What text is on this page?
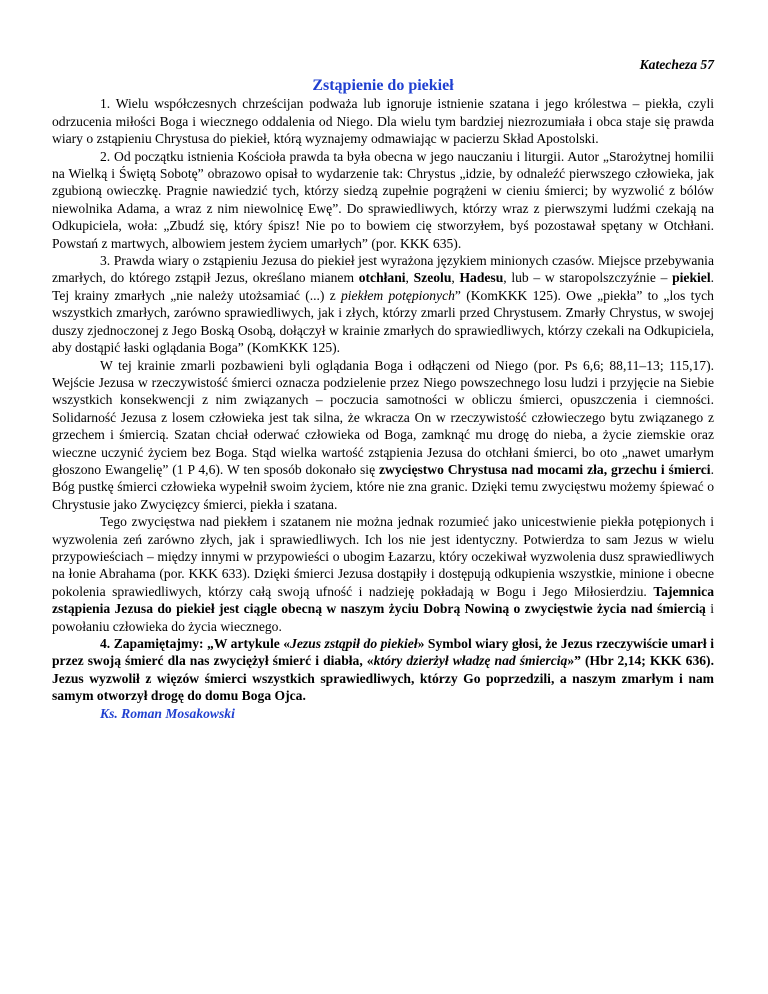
Katecheza 57
Zstąpienie do piekieł

1. Wielu współczesnych chrześcijan podważa lub ignoruje istnienie szatana i jego królestwa – piekła, czyli odrzucenia miłości Boga i wiecznego oddalenia od Niego. Dla wielu tym bardziej niezrozumiała i obca staje się prawda wiary o zstąpieniu Chrystusa do piekieł, którą wyznajemy odmawiając w pacierzu Skład Apostolski.

2. Od początku istnienia Kościoła prawda ta była obecna w jego nauczaniu i liturgii. Autor „Starożytnej homilii na Wielką i Świętą Sobotę” obrazowo opisał to wydarzenie tak: Chrystus „idzie, by odnaleźć pierwszego człowieka, jak zgubioną owieczkę. Pragnie nawiedzić tych, którzy siedzą zupełnie pogrążeni w cieniu śmierci; by wyzwolić z bólów niewolnika Adama, a wraz z nim niewolnicę Ewę”. Do sprawiedliwych, którzy wraz z pierwszymi ludźmi czekają na Odkupiciela, woła: „Zbudź się, który śpisz! Nie po to bowiem cię stworzyłem, byś pozostawał spętany w Otchłani. Powstań z martwych, albowiem jestem życiem umarłych” (por. KKK 635).

3. Prawda wiary o zstąpieniu Jezusa do piekieł jest wyrażona językiem minionych czasów. Miejsce przebywania zmarłych, do którego zstąpił Jezus, określano mianem otchłani, Szeolu, Hadesu, lub – w staropolszczyźnie – piekiel. Tej krainy zmarłych „nie należy utożsamiać (...) z piekłem potępionych” (KomKKK 125). Owe „piekła” to „los tych wszystkich zmarłych, zarówno sprawiedliwych, jak i złych, którzy zmarli przed Chrystusem. Zmarły Chrystus, w swojej duszy zjednoczonej z Jego Boską Osobą, dołączył w krainie zmarłych do sprawiedliwych, którzy czekali na Odkupiciela, aby dostąpić łaski oglądania Boga” (KomKKK 125).

W tej krainie zmarli pozbawieni byli oglądania Boga i odłączeni od Niego (por. Ps 6,6; 88,11–13; 115,17). Wejście Jezusa w rzeczywistość śmierci oznacza podzielenie przez Niego powszechnego losu ludzi i przyjęcie na Siebie wszystkich konsekwencji z nim związanych – poczucia samotności w obliczu śmierci, opuszczenia i ciemności. Solidarność Jezusa z losem człowieka jest tak silna, że wkracza On w rzeczywistość człowieczego bytu związanego z grzechem i śmiercią. Szatan chciał oderwać człowieka od Boga, zamknąć mu drogę do nieba, a życie ziemskie oraz wieczne uczynić życiem bez Boga. Stąd wielka wartość zstąpienia Jezusa do otchłani śmierci, bo oto „nawet umarłym głoszono Ewangelię” (1 P 4,6). W ten sposób dokonało się zwycięstwo Chrystusa nad mocami zła, grzechu i śmierci. Bóg pustkę śmierci człowieka wypełnił swoim życiem, które nie zna granic. Dzięki temu zwycięstwu możemy śpiewać o Chrystusie jako Zwycięzcy śmierci, piekła i szatana.

Tego zwycięstwa nad piekłem i szatanem nie można jednak rozumieć jako unicestwienie piekła potępionych i wyzwolenia zeń zarówno złych, jak i sprawiedliwych. Ich los nie jest identyczny. Potwierdza to sam Jezus w wielu przypowieściach – między innymi w przypowieści o ubogim Łazarzu, który oczekiwał wyzwolenia dusz sprawiedliwych na łonie Abrahama (por. KKK 633). Dzięki śmierci Jezusa dostąpiły i dostępują odkupienia wszystkie, minione i obecne pokolenia sprawiedliwych, którzy całą swoją ufność i nadzieję pokładają w Bogu i Jego Miłosierdziu. Tajemnica zstąpienia Jezusa do piekieł jest ciągle obecną w naszym życiu Dobrą Nowiną o zwycięstwie życia nad śmiercią i powołaniu człowieka do życia wiecznego.

4. Zapamiętajmy: „W artykule «Jezus zstąpił do piekieł» Symbol wiary głosi, że Jezus rzeczywiście umarł i przez swoją śmierć dla nas zwyciężył śmierć i diabła, «który dzierżył władzę nad śmiercią»” (Hbr 2,14; KKK 636). Jezus wyzwolił z więzów śmierci wszystkich sprawiedliwych, którzy Go poprzedzili, a naszym zmarłym i nam samym otworzył drogę do domu Boga Ojca.

Ks. Roman Mosakowski
